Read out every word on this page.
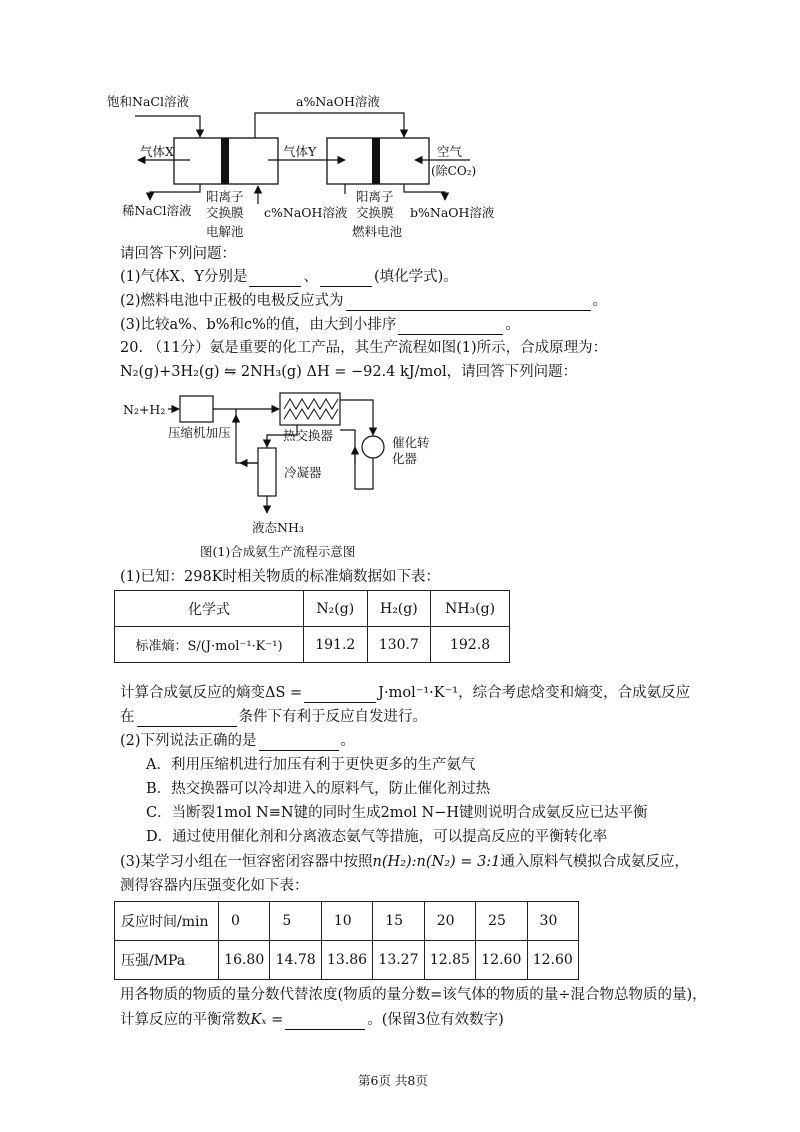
饱和NaCl溶液	a%NaOH溶液
气体X	气体Y	空气
(除CO₂)
稀NaCl溶液
阳离子
交换膜 c%NaOH溶液
阳离子
交换膜 b%NaOH溶液
电解池	燃料电池
请回答下列问题：
(1)气体X、Y分别是	、	(填化学式)。
(2)燃料电池中正极的电极反应式为	。
(3)比较a%、b%和c%的值，由大到小排序	。
20. （11分）氨是重要的化工产品，其生产流程如图(1)所示，合成原理为：
N₂(g)+3H₂(g) ⇋ 2NH₃(g) ΔH = −92.4 kJ/mol，请回答下列问题：
N₂+H₂
压缩机加压	热交换器	催化转
化器
冷凝器
液态NH₃
图(1)合成氨生产流程示意图
(1)已知：298K时相关物质的标准熵数据如下表：
化学式	N₂(g)	H₂(g)	NH₃(g)
标准熵：S/(J·mol⁻¹·K⁻¹)	191.2	130.7	192.8
计算合成氨反应的熵变ΔS =	J·mol⁻¹·K⁻¹，综合考虑焓变和熵变，合成氨反应
在	条件下有利于反应自发进行。
(2)下列说法正确的是	。
A．利用压缩机进行加压有利于更快更多的生产氨气
B．热交换器可以冷却进入的原料气，防止催化剂过热
C．当断裂1mol N≡N键的同时生成2mol N−H键则说明合成氨反应已达平衡
D．通过使用催化剂和分离液态氨气等措施，可以提高反应的平衡转化率
(3)某学习小组在一恒容密闭容器中按照n(H₂):n(N₂) = 3:1通入原料气模拟合成氨反应，
测得容器内压强变化如下表：
反应时间/min	0	5	10	15	20	25	30
压强/MPa	16.80	14.78	13.86	13.27	12.85	12.60	12.60
用各物质的物质的量分数代替浓度(物质的量分数=该气体的物质的量÷混合物总物质的量)，
计算反应的平衡常数Kₓ =	。(保留3位有效数字)
第6页 共8页
